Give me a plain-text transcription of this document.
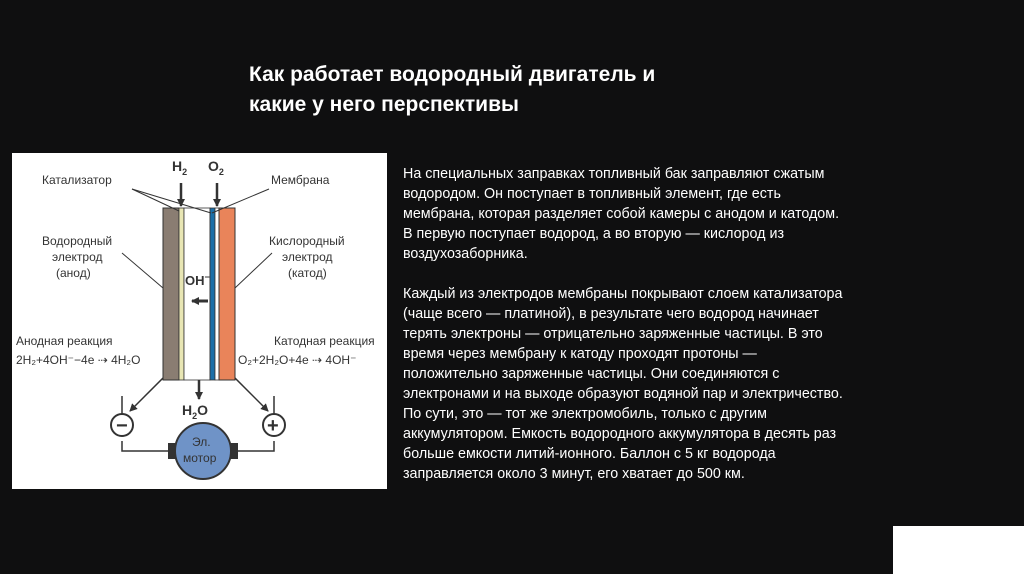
Как работает водородный двигатель и
какие у него перспективы
$H_2$ $O_2$
Катализатор	Мембрана
Водородный электрод (анод)
Кислородный электрод (катод)
OH−
Анодная реакция
2H₂+4OH⁻−4e ⇢ 4H₂O
Катодная реакция
O₂+2H₂O+4e ⇢ 4OH⁻
$H_2O$
−	+
Эл.
мотор

На специальных заправках топливный бак заправляют сжатым
водородом. Он поступает в топливный элемент, где есть
мембрана, которая разделяет собой камеры с анодом и катодом.
В первую поступает водород, а во вторую — кислород из
воздухозаборника.

Каждый из электродов мембраны покрывают слоем катализатора
(чаще всего — платиной), в результате чего водород начинает
терять электроны — отрицательно заряженные частицы. В это
время через мембрану к катоду проходят протоны —
положительно заряженные частицы. Они соединяются с
электронами и на выходе образуют водяной пар и электричество.
По сути, это — тот же электромобиль, только с другим
аккумулятором. Емкость водородного аккумулятора в десять раз
больше емкости литий-ионного. Баллон с 5 кг водорода
заправляется около 3 минут, его хватает до 500 км.
